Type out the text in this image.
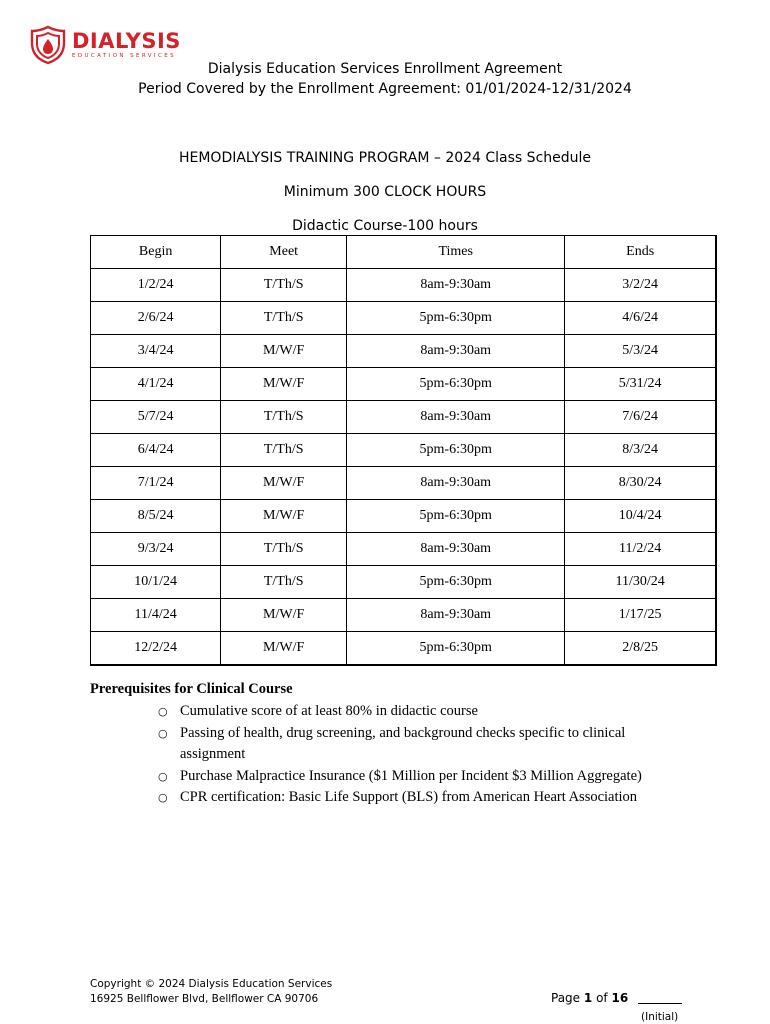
DIALYSIS
EDUCATION SERVICES
Dialysis Education Services Enrollment Agreement
Period Covered by the Enrollment Agreement: 01/01/2024-12/31/2024
HEMODIALYSIS TRAINING PROGRAM – 2024 Class Schedule
Minimum 300 CLOCK HOURS
Didactic Course-100 hours
Begin	Meet	Times	Ends
1/2/24	T/Th/S	8am-9:30am	3/2/24
2/6/24	T/Th/S	5pm-6:30pm	4/6/24
3/4/24	M/W/F	8am-9:30am	5/3/24
4/1/24	M/W/F	5pm-6:30pm	5/31/24
5/7/24	T/Th/S	8am-9:30am	7/6/24
6/4/24	T/Th/S	5pm-6:30pm	8/3/24
7/1/24	M/W/F	8am-9:30am	8/30/24
8/5/24	M/W/F	5pm-6:30pm	10/4/24
9/3/24	T/Th/S	8am-9:30am	11/2/24
10/1/24	T/Th/S	5pm-6:30pm	11/30/24
11/4/24	M/W/F	8am-9:30am	1/17/25
12/2/24	M/W/F	5pm-6:30pm	2/8/25
Prerequisites for Clinical Course
○ Cumulative score of at least 80% in didactic course
○ Passing of health, drug screening, and background checks specific to clinical assignment
○ Purchase Malpractice Insurance ($1 Million per Incident $3 Million Aggregate)
○ CPR certification: Basic Life Support (BLS) from American Heart Association
Copyright © 2024 Dialysis Education Services
16925 Bellflower Blvd, Bellflower CA 90706	Page 1 of 16
(Initial)
